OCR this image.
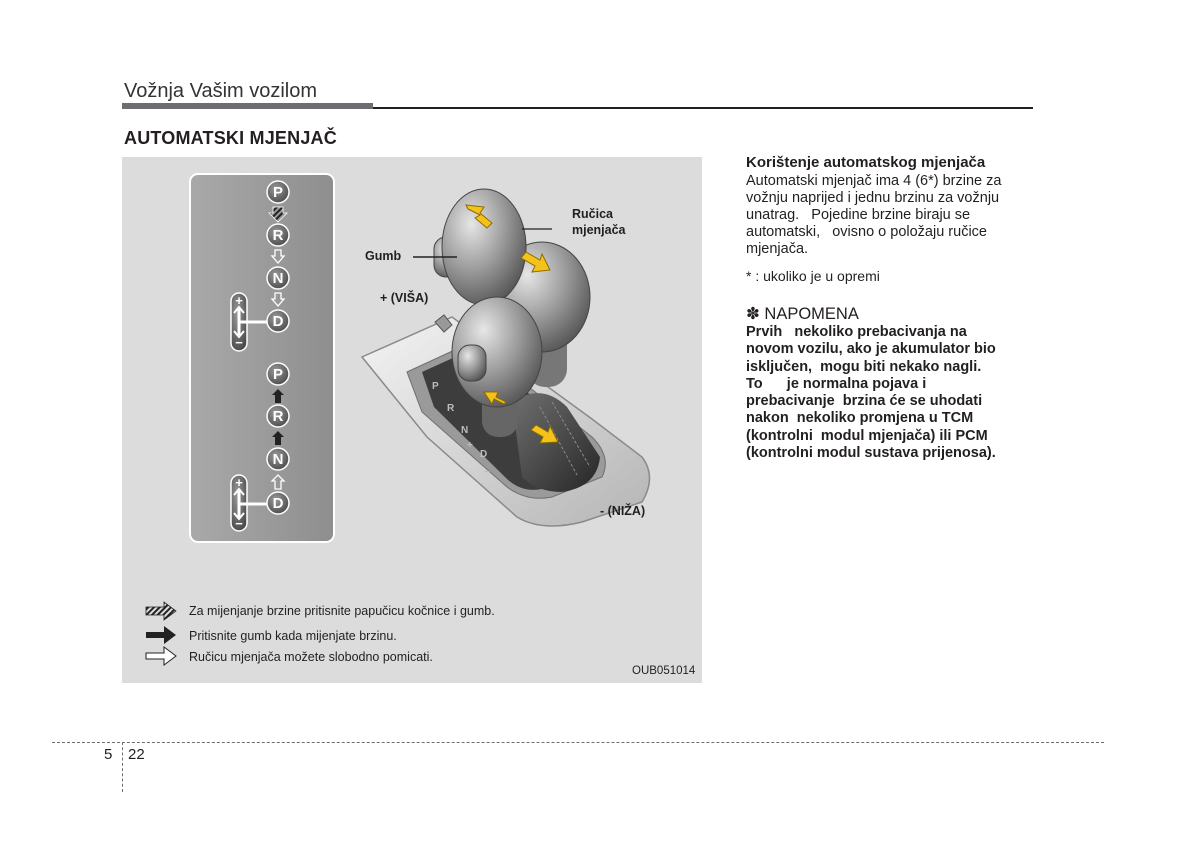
Vožnja Vašim vozilom
AUTOMATSKI MJENJAČ
P
R
N
D
+
−
P
R
N
D
+
−
P
R
N
+
D
−
Gumb
Ručica
mjenjača
+ (VIŠA)
- (NIŽA)
Za mijenjanje brzine pritisnite papučicu kočnice i gumb.
Pritisnite gumb kada mijenjate brzinu.
Ručicu mjenjača možete slobodno pomicati.
OUB051014
Korištenje automatskog mjenjača
Automatski mjenjač ima 4 (6*) brzine za
vožnju naprijed i jednu brzinu za vožnju
unatrag.   Pojedine brzine biraju se
automatski,   ovisno o položaju ručice
mjenjača.
* : ukoliko je u opremi
✽ NAPOMENA
Prvih   nekoliko prebacivanja na
novom vozilu, ako je akumulator bio
isključen,  mogu biti nekako nagli.
To      je normalna pojava i
prebacivanje  brzina će se uhodati
nakon  nekoliko promjena u TCM
(kontrolni  modul mjenjača) ili PCM
(kontrolni modul sustava prijenosa).
5 22
